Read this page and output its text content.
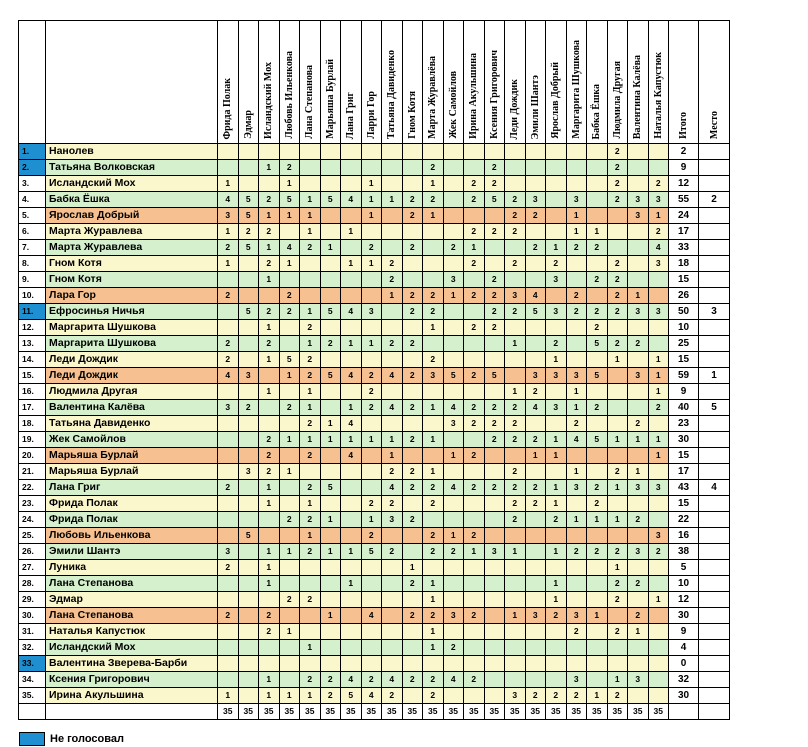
		Фрида Полак	Эдмар	Исландский Мох	Любовь Ильенкова	Лана Степанова	Марьяша Бурлай	Лана Григ	Ларри Гор	Татьяна Давиденко	Гном Котя	Марта Журавлёва	Жек Самойлов	Ирина Акульшина	Ксения Григорович	Леди Дождик	Эмили Шантэ	Ярослав Добрый	Маргарита Шушкова	Бабка Ёшка	Людмила Другая	Валентина Калёва	Наталья Капустюк	Итого	Место

1.	Нанолев																				2			2	
2.	Татьяна Волковская			1	2							2			2						2			9	
3.	Исландский Мох	1			1				1			1		2	2						2		2	12	
4.	Бабка Ёшка	4	5	2	5	1	5	4	1	1	2	2		2	5	2	3		3		2	3	3	55	2
5.	Ярослав Добрый	3	5	1	1	1			1		2	1				2	2		1			3	1	24	
6.	Марта Журавлева	1	2	2		1		1						2	2	2			1	1			2	17	
7.	Марта Журавлева	2	5	1	4	2	1		2		2		2	1			2	1	2	2			4	33	
8.	Гном Котя	1		2	1			1	1	2				2		2		2			2		3	18	
9.	Гном Котя			1						2			3		2			3		2	2			15	
10.	Лара Гор	2			2					1	2	2	1	2	2	3	4		2		2	1		26	
11.	Ефросинья Ничья		5	2	2	1	5	4	3		2	2			2	2	5	3	2	2	2	3	3	50	3
12.	Маргарита Шушкова			1		2						1		2	2					2				10	
13.	Маргарита Шушкова	2		2		1	2	1	1	2	2					1		2		5	2	2		25	
14.	Леди Дождик	2		1	5	2						2						1			1		1	15	
15.	Леди Дождик	4	3		1	2	5	4	2	4	2	3	5	2	5		3	3	3	5		3	1	59	1
16.	Людмила Другая			1		1			2							1	2		1				1	9	
17.	Валентина Калёва	3	2		2	1		1	2	4	2	1	4	2	2	2	4	3	1	2			2	40	5
18.	Татьяна Давиденко					2	1	4					3	2	2	2			2			2		23	
19.	Жек Самойлов			2	1	1	1	1	1	1	2	1			2	2	2	1	4	5	1	1	1	30	
20.	Марьяша Бурлай			2		2		4		1			1	2			1	1					1	15	
21.	Марьяша Бурлай		3	2	1					2	2	1				2			1		2	1		17	
22.	Лана Григ	2		1		2	5			4	2	2	4	2	2	2	2	1	3	2	1	3	3	43	4
23.	Фрида Полак			1		1			2	2		2				2	2	1		2				15	
24.	Фрида Полак				2	2	1		1	3	2					2		2	1	1	1	2		22	
25.	Любовь Ильенкова		5			1			2			2	1	2									3	16	
26.	Эмили Шантэ	3		1	1	2	1	1	5	2		2	2	1	3	1		1	2	2	2	3	2	38	
27.	Луника	2		1							1										1			5	
28.	Лана Степанова			1				1			2	1						1			2	2		10	
29.	Эдмар				2	2						1						1			2		1	12	
30.	Лана Степанова	2		2			1		4		2	2	3	2		1	3	2	3	1		2		30	
31.	Наталья Капустюк			2	1							1							2		2	1		9	
32.	Исландский Мох					1						1	2											4	
33.	Валентина Зверева-Барби																							0	
34.	Ксения Григорович			1		2	2	4	2	4	2	2	4	2					3		1	3		32	
35.	Ирина Акульшина	1		1	1	1	2	5	4	2		2				3	2	2	2	1	2			30	
		35	35	35	35	35	35	35	35	35	35	35	35	35	35	35	35	35	35	35	35	35	35		
Не голосовал
